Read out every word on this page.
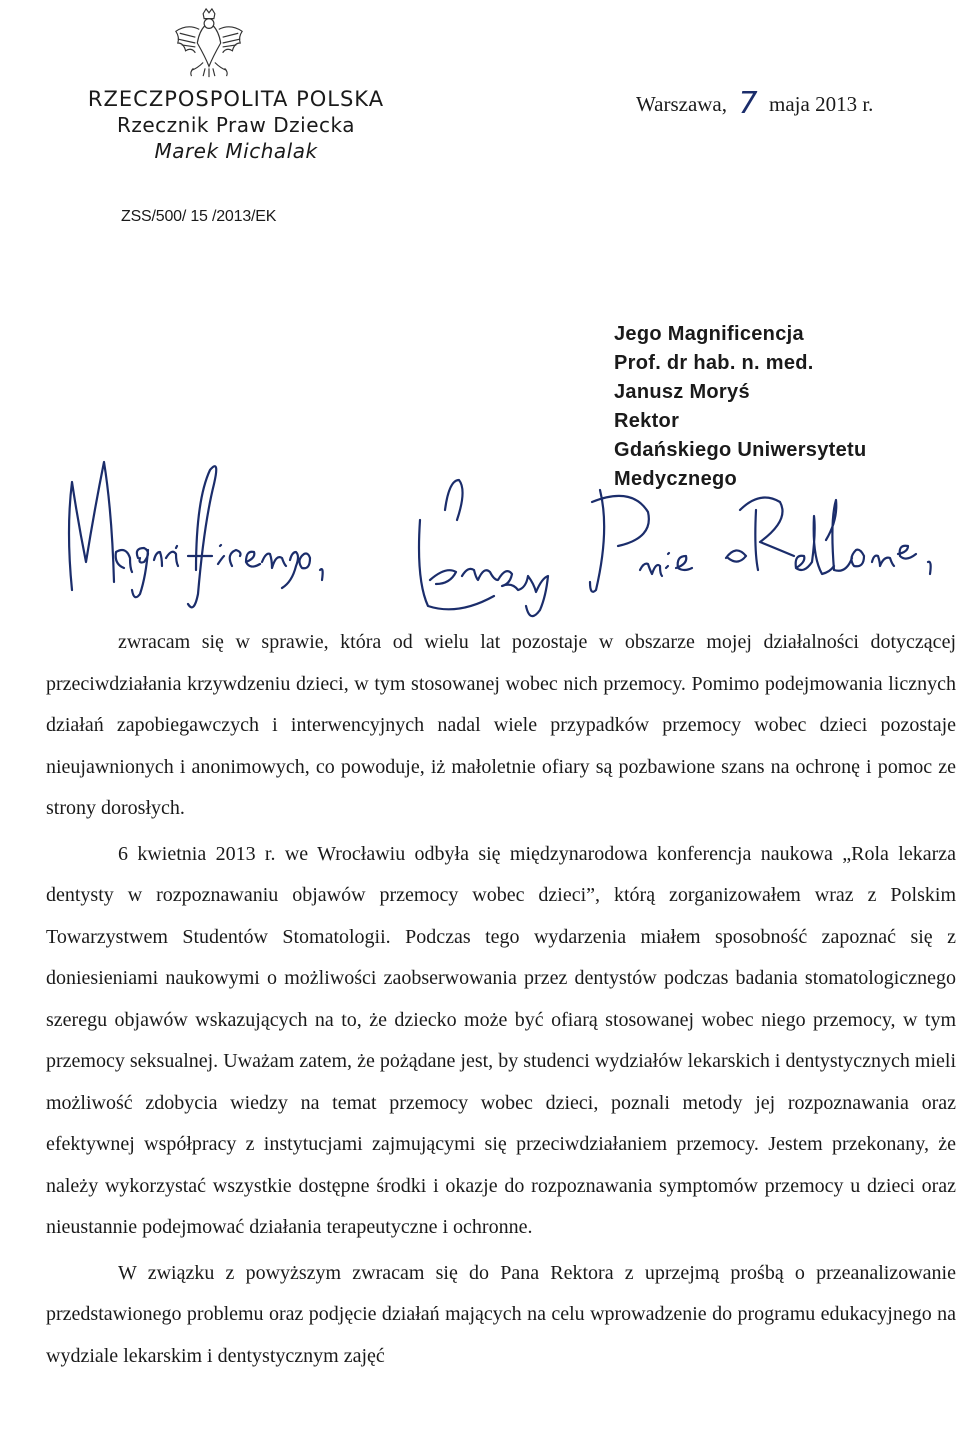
RZECZPOSPOLITA POLSKA
Rzecznik Praw Dziecka
Marek Michalak
ZSS/500/ 15 /2013/EK
Warszawa, 7 maja 2013 r.
Jego Magnificencja
Prof. dr hab. n. med.
Janusz Moryś
Rektor
Gdańskiego Uniwersytetu
Medycznego

zwracam się w sprawie, która od wielu lat pozostaje w obszarze mojej działalności dotyczącej przeciwdziałania krzywdzeniu dzieci, w tym stosowanej wobec nich przemocy. Pomimo podejmowania licznych działań zapobiegawczych i interwencyjnych nadal wiele przypadków przemocy wobec dzieci pozostaje nieujawnionych i anonimowych, co powoduje, iż małoletnie ofiary są pozbawione szans na ochronę i pomoc ze strony dorosłych.

6 kwietnia 2013 r. we Wrocławiu odbyła się międzynarodowa konferencja naukowa „Rola lekarza dentysty w rozpoznawaniu objawów przemocy wobec dzieci”, którą zorganizowałem wraz z Polskim Towarzystwem Studentów Stomatologii. Podczas tego wydarzenia miałem sposobność zapoznać się z doniesieniami naukowymi o możliwości zaobserwowania przez dentystów podczas badania stomatologicznego szeregu objawów wskazujących na to, że dziecko może być ofiarą stosowanej wobec niego przemocy, w tym przemocy seksualnej. Uważam zatem, że pożądane jest, by studenci wydziałów lekarskich i dentystycznych mieli możliwość zdobycia wiedzy na temat przemocy wobec dzieci, poznali metody jej rozpoznawania oraz efektywnej współpracy z instytucjami zajmującymi się przeciwdziałaniem przemocy. Jestem przekonany, że należy wykorzystać wszystkie dostępne środki i okazje do rozpoznawania symptomów przemocy u dzieci oraz nieustannie podejmować działania terapeutyczne i ochronne.

W związku z powyższym zwracam się do Pana Rektora z uprzejmą prośbą o przeanalizowanie przedstawionego problemu oraz podjęcie działań mających na celu wprowadzenie do programu edukacyjnego na wydziale lekarskim i dentystycznym zajęć
